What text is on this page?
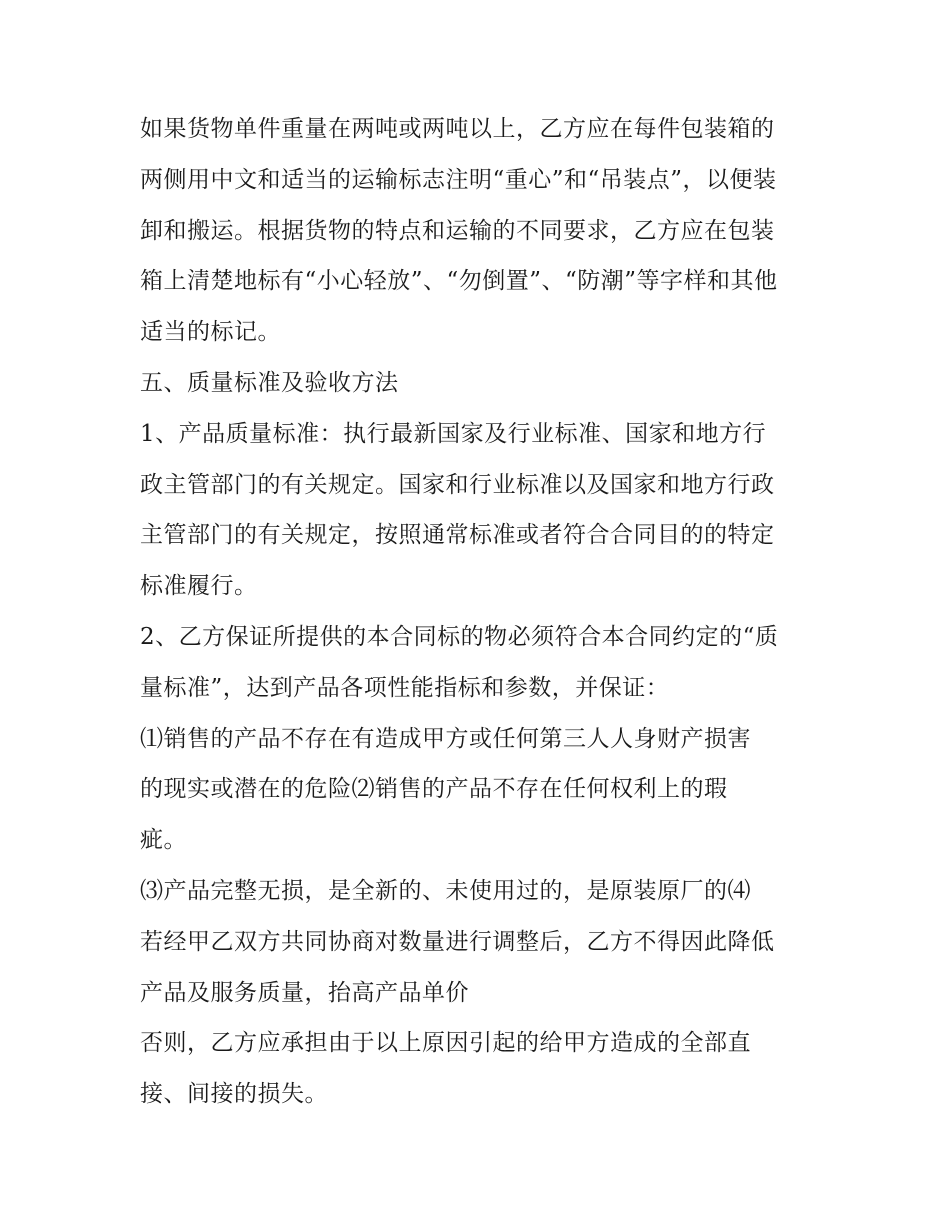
如果货物单件重量在两吨或两吨以上，乙方应在每件包装箱的
两侧用中文和适当的运输标志注明“重心”和“吊装点”，以便装
卸和搬运。根据货物的特点和运输的不同要求，乙方应在包装
箱上清楚地标有“小心轻放”、“勿倒置”、“防潮”等字样和其他
适当的标记。
五、质量标准及验收方法
1、产品质量标准：执行最新国家及行业标准、国家和地方行
政主管部门的有关规定。国家和行业标准以及国家和地方行政
主管部门的有关规定，按照通常标准或者符合合同目的的特定
标准履行。
2、乙方保证所提供的本合同标的物必须符合本合同约定的“质
量标准”，达到产品各项性能指标和参数，并保证：
⑴销售的产品不存在有造成甲方或任何第三人人身财产损害
的现实或潜在的危险⑵销售的产品不存在任何权利上的瑕
疵。
⑶产品完整无损，是全新的、未使用过的，是原装原厂的⑷
若经甲乙双方共同协商对数量进行调整后，乙方不得因此降低
产品及服务质量，抬高产品单价
否则，乙方应承担由于以上原因引起的给甲方造成的全部直
接、间接的损失。
